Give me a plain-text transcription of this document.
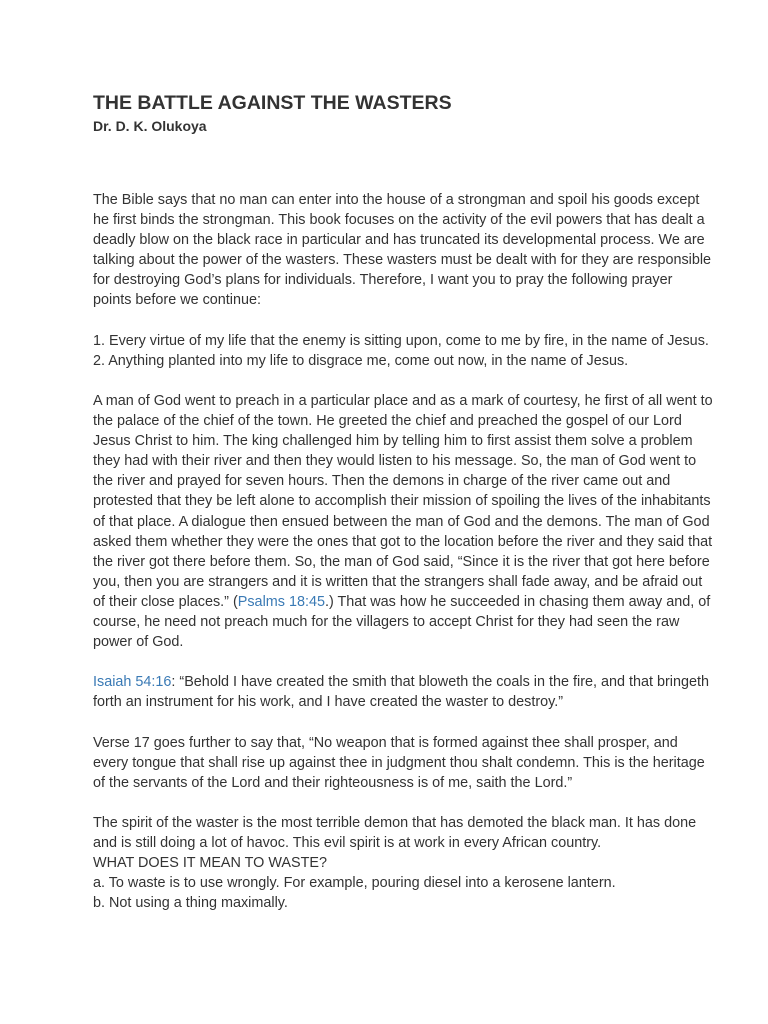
THE BATTLE AGAINST THE WASTERS

Dr. D. K. Olukoya

The Bible says that no man can enter into the house of a strongman and spoil his goods except he first binds the strongman. This book focuses on the activity of the evil powers that has dealt a deadly blow on the black race in particular and has truncated its developmental process. We are talking about the power of the wasters. These wasters must be dealt with for they are responsible for destroying God’s plans for individuals. Therefore, I want you to pray the following prayer points before we continue:

1. Every virtue of my life that the enemy is sitting upon, come to me by fire, in the name of Jesus.
2. Anything planted into my life to disgrace me, come out now, in the name of Jesus.

A man of God went to preach in a particular place and as a mark of courtesy, he first of all went to the palace of the chief of the town. He greeted the chief and preached the gospel of our Lord Jesus Christ to him. The king challenged him by telling him to first assist them solve a problem they had with their river and then they would listen to his message. So, the man of God went to the river and prayed for seven hours. Then the demons in charge of the river came out and protested that they be left alone to accomplish their mission of spoiling the lives of the inhabitants of that place. A dialogue then ensued between the man of God and the demons. The man of God asked them whether they were the ones that got to the location before the river and they said that the river got there before them. So, the man of God said, “Since it is the river that got here before you, then you are strangers and it is written that the strangers shall fade away, and be afraid out of their close places.” (Psalms 18:45.) That was how he succeeded in chasing them away and, of course, he need not preach much for the villagers to accept Christ for they had seen the raw power of God.

Isaiah 54:16: “Behold I have created the smith that bloweth the coals in the fire, and that bringeth forth an instrument for his work, and I have created the waster to destroy.”

Verse 17 goes further to say that, “No weapon that is formed against thee shall prosper, and every tongue that shall rise up against thee in judgment thou shalt condemn. This is the heritage of the servants of the Lord and their righteousness is of me, saith the Lord.”

The spirit of the waster is the most terrible demon that has demoted the black man. It has done and is still doing a lot of havoc. This evil spirit is at work in every African country.
WHAT DOES IT MEAN TO WASTE?
a. To waste is to use wrongly. For example, pouring diesel into a kerosene lantern.
b. Not using a thing maximally.
